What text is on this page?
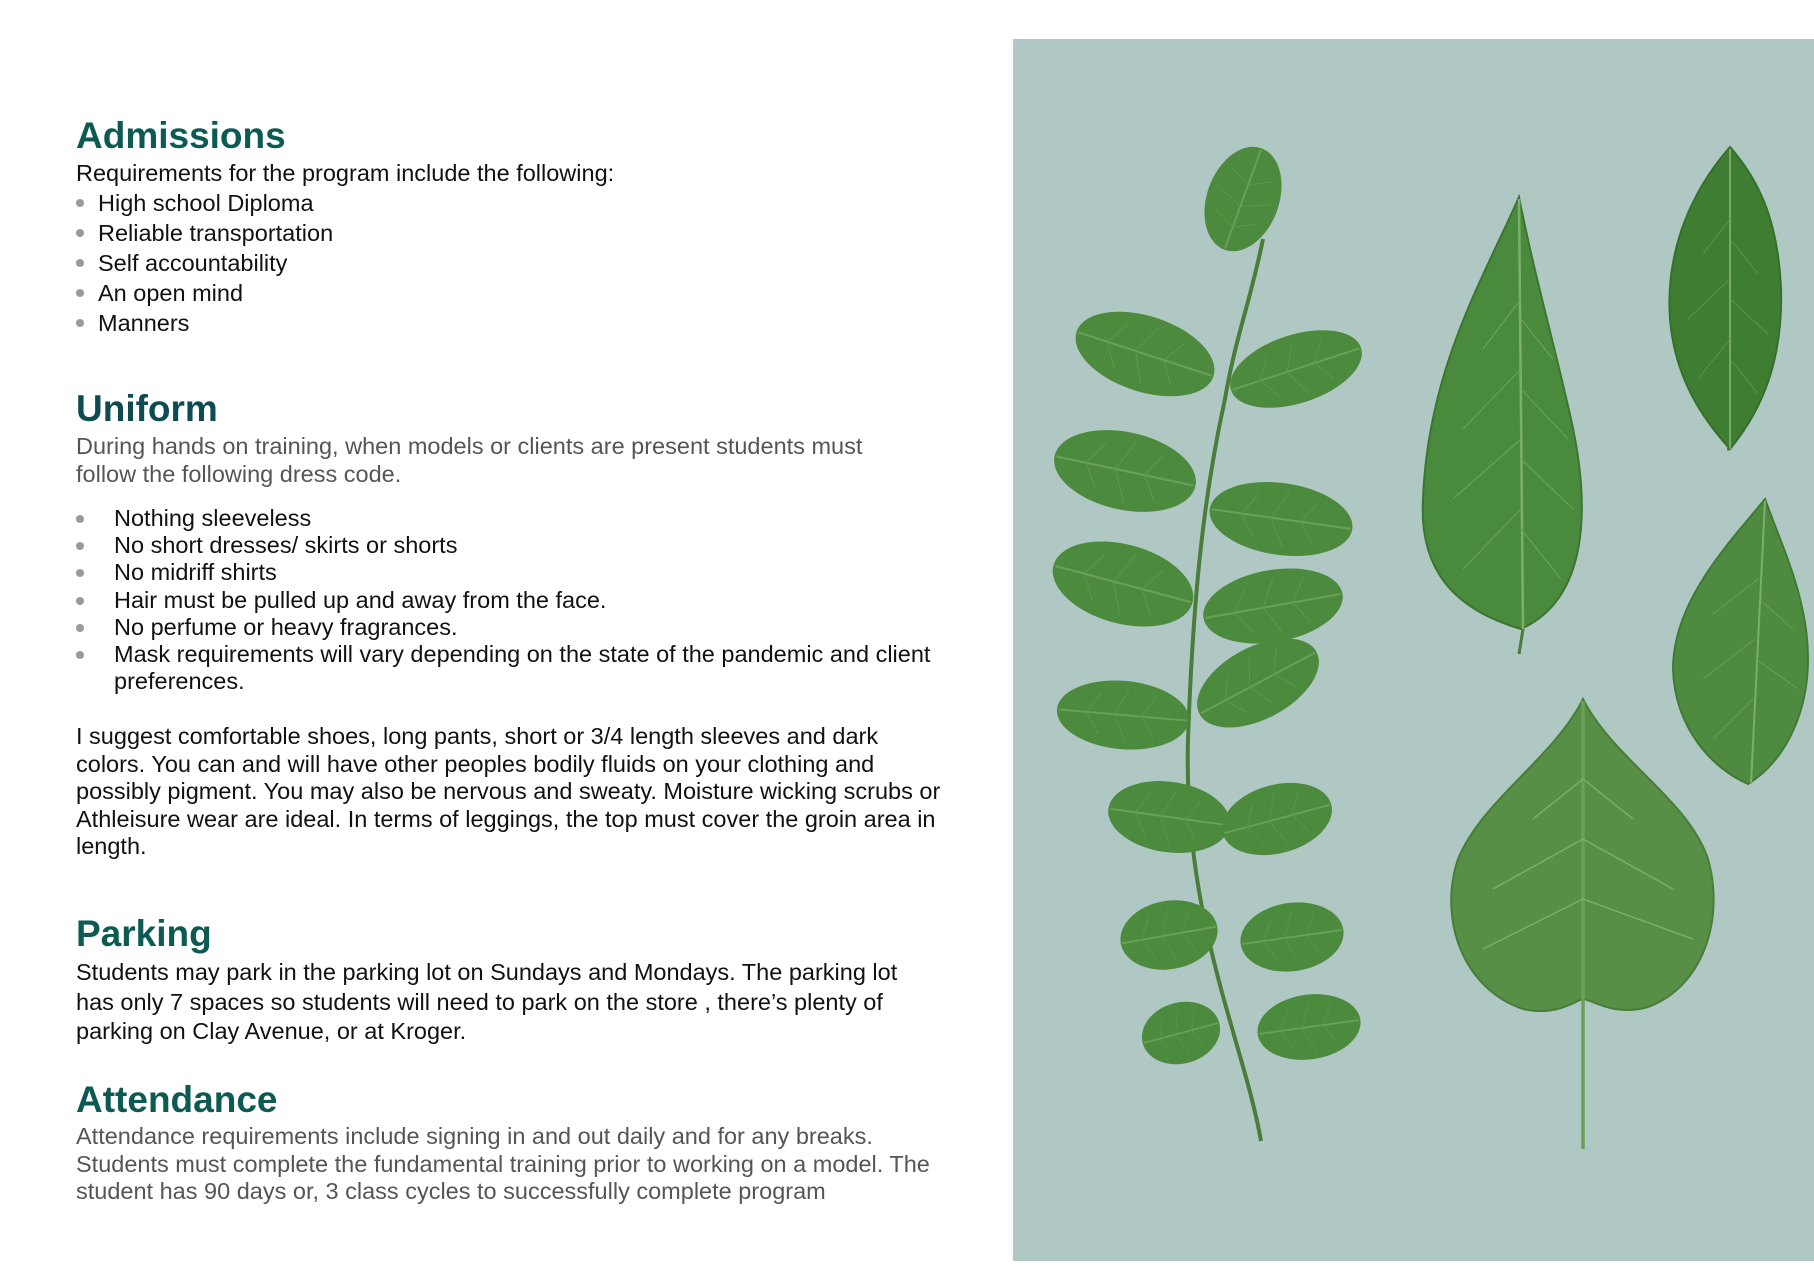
Admissions

Requirements for the program include the following:

High school Diploma
Reliable transportation
Self accountability
An open mind
Manners
Uniform

During hands on training, when models or clients are present students must follow the following dress code.

Nothing sleeveless
No short dresses/ skirts or shorts
No midriff shirts
Hair must be pulled up and away from the face.
No perfume or heavy fragrances.
Mask requirements will vary depending on the state of the pandemic and client preferences.

I suggest comfortable shoes, long pants, short or 3/4 length sleeves and dark colors. You can and will have other peoples bodily fluids on your clothing and possibly pigment. You may also be nervous and sweaty. Moisture wicking scrubs or Athleisure wear are ideal. In terms of leggings, the top must cover the groin area in length.

Parking

Students may park in the parking lot on Sundays and Mondays. The parking lot has only 7 spaces so students will need to park on the store , there’s plenty of parking on Clay Avenue, or at Kroger.

Attendance

Attendance requirements include signing in and out daily and for any breaks. Students must complete the fundamental training prior to working on a model. The student has 90 days or, 3 class cycles to successfully complete program
